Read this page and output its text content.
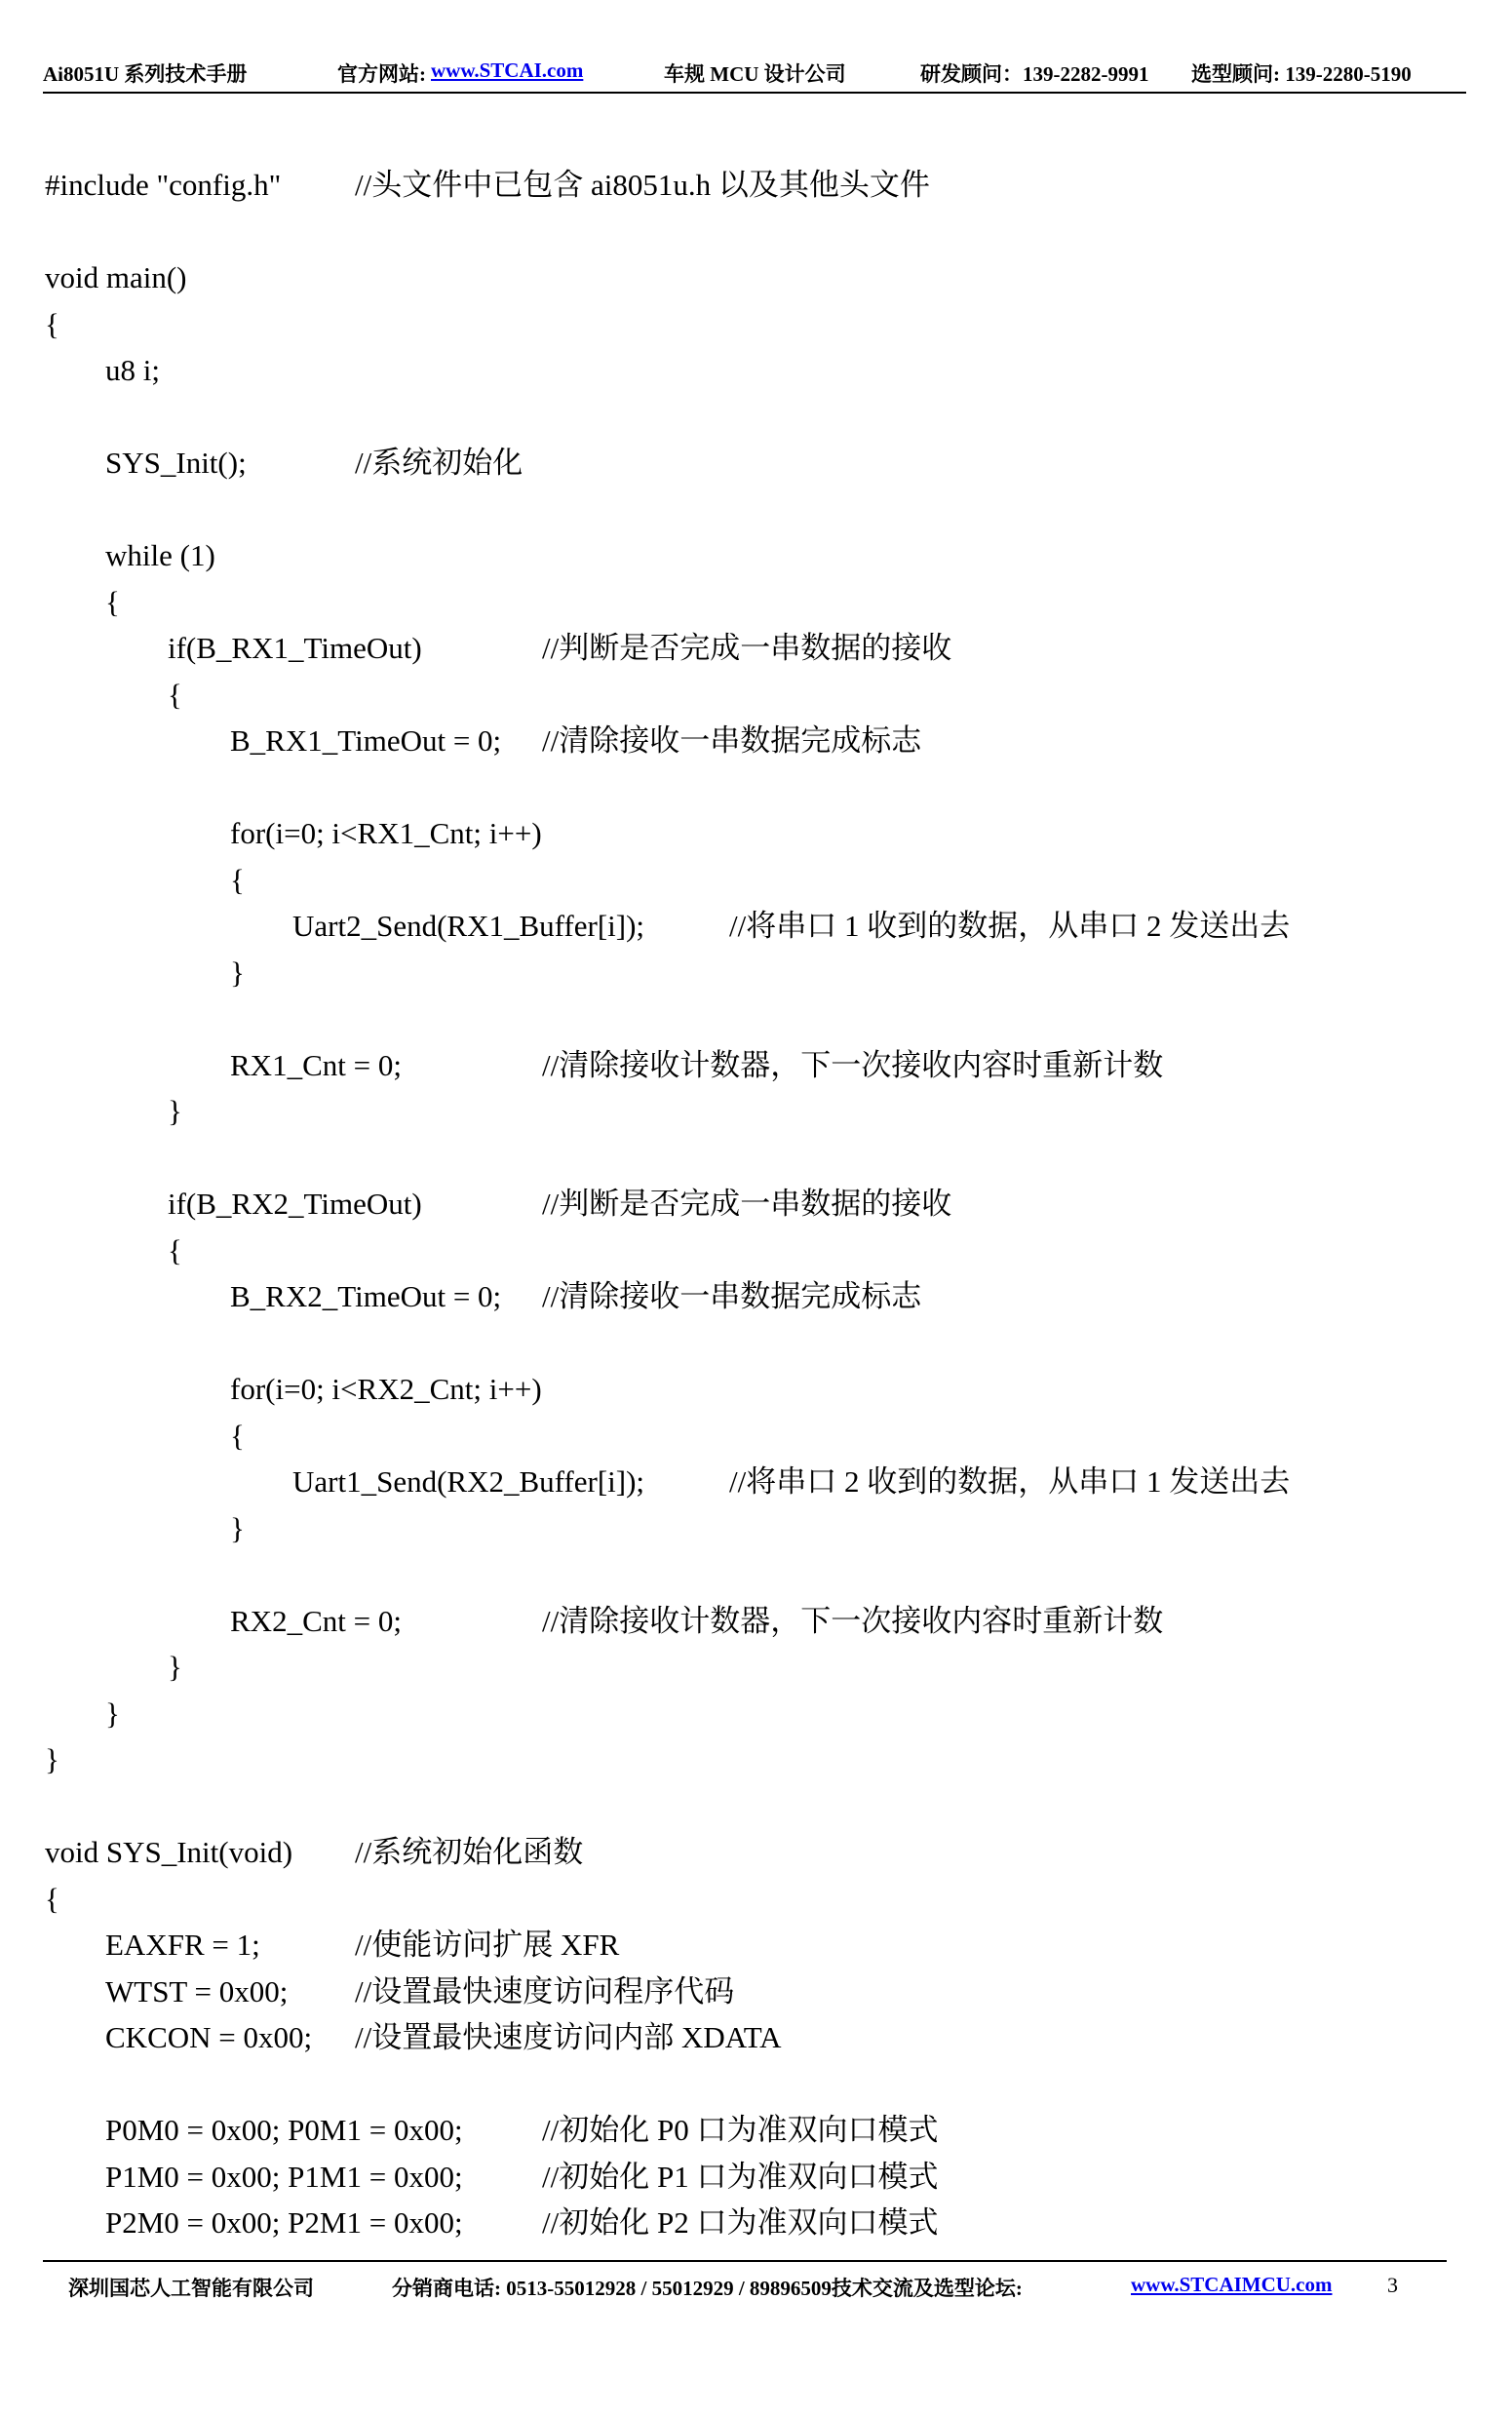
Ai8051U 系列技术手册	官方网站: www.STCAI.com	车规 MCU 设计公司	研发顾问：139-2282-9991 选型顾问: 139-2280-5190
#include "config.h" //头文件中已包含 ai8051u.h 以及其他头文件
void main()
{
u8 i;
SYS_Init();	//系统初始化
while (1)
{
if(B_RX1_TimeOut)	//判断是否完成一串数据的接收
{
B_RX1_TimeOut = 0; //清除接收一串数据完成标志
for(i=0; i<RX1_Cnt; i++)
{
Uart2_Send(RX1_Buffer[i]);	//将串口 1 收到的数据，从串口 2 发送出去
}
RX1_Cnt = 0;	//清除接收计数器，下一次接收内容时重新计数
}
if(B_RX2_TimeOut)	//判断是否完成一串数据的接收
{
B_RX2_TimeOut = 0; //清除接收一串数据完成标志
for(i=0; i<RX2_Cnt; i++)
{
Uart1_Send(RX2_Buffer[i]);	//将串口 2 收到的数据，从串口 1 发送出去
}
RX2_Cnt = 0;	//清除接收计数器，下一次接收内容时重新计数
}
}
}
void SYS_Init(void) //系统初始化函数
{
EAXFR = 1;	//使能访问扩展 XFR
WTST = 0x00; //设置最快速度访问程序代码
CKCON = 0x00; //设置最快速度访问内部 XDATA
P0M0 = 0x00; P0M1 = 0x00;	//初始化 P0 口为准双向口模式
P1M0 = 0x00; P1M1 = 0x00;	//初始化 P1 口为准双向口模式
P2M0 = 0x00; P2M1 = 0x00;	//初始化 P2 口为准双向口模式
深圳国芯人工智能有限公司	分销商电话: 0513-55012928 / 55012929 / 89896509技术交流及选型论坛:	www.STCAIMCU.com	3
